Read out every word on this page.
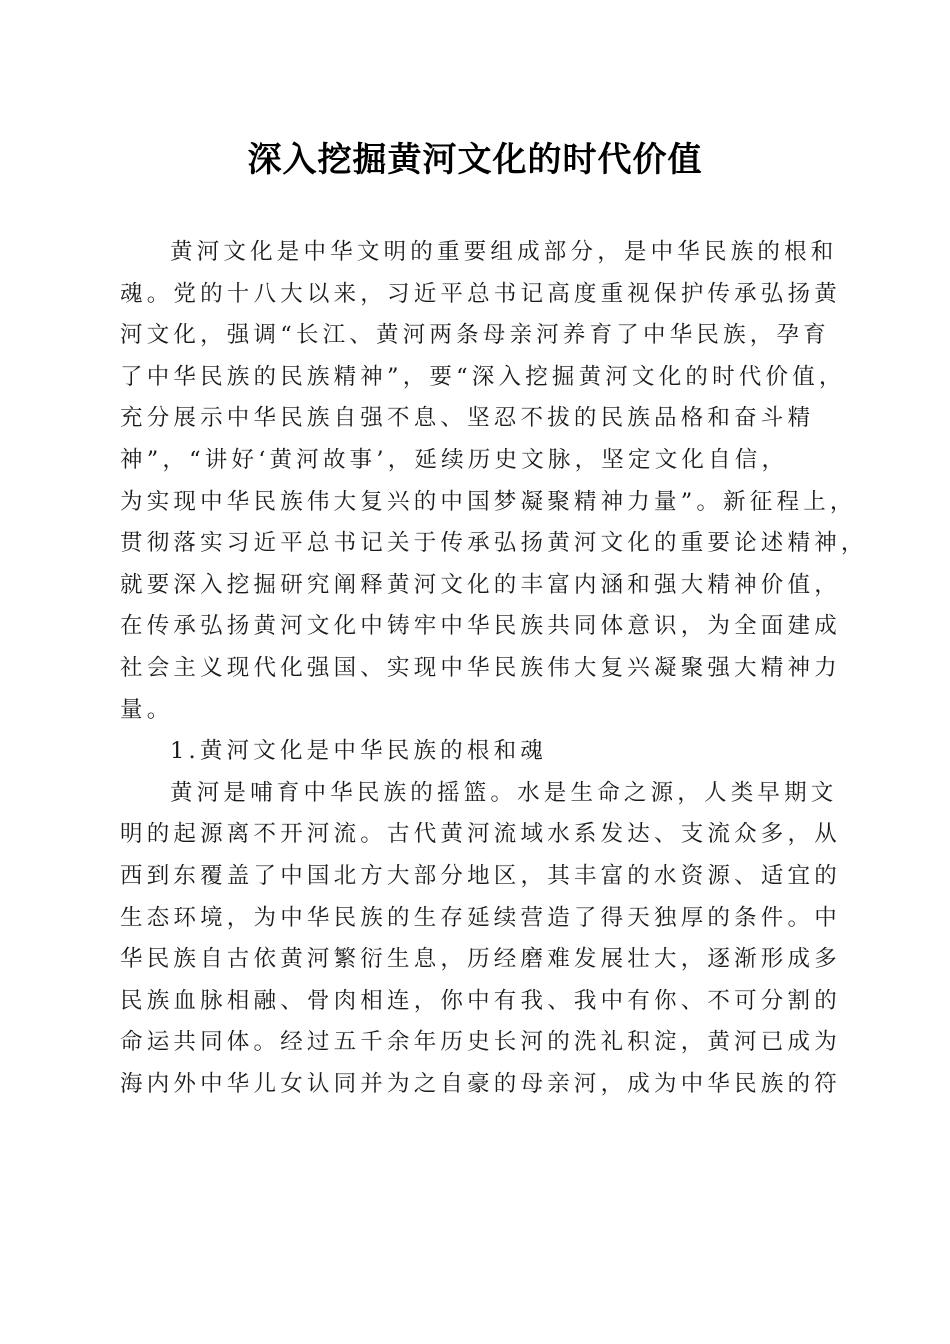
深入挖掘黄河文化的时代价值
黄河文化是中华文明的重要组成部分，是中华民族的根和
魂。党的十八大以来，习近平总书记高度重视保护传承弘扬黄
河文化，强调“长江、黄河两条母亲河养育了中华民族，孕育
了中华民族的民族精神”，要“深入挖掘黄河文化的时代价值，
充分展示中华民族自强不息、坚忍不拔的民族品格和奋斗精
神”，“讲好‘黄河故事’，延续历史文脉，坚定文化自信，
为实现中华民族伟大复兴的中国梦凝聚精神力量”。新征程上，
贯彻落实习近平总书记关于传承弘扬黄河文化的重要论述精神，
就要深入挖掘研究阐释黄河文化的丰富内涵和强大精神价值，
在传承弘扬黄河文化中铸牢中华民族共同体意识，为全面建成
社会主义现代化强国、实现中华民族伟大复兴凝聚强大精神力
量。
1.黄河文化是中华民族的根和魂
黄河是哺育中华民族的摇篮。水是生命之源，人类早期文
明的起源离不开河流。古代黄河流域水系发达、支流众多，从
西到东覆盖了中国北方大部分地区，其丰富的水资源、适宜的
生态环境，为中华民族的生存延续营造了得天独厚的条件。中
华民族自古依黄河繁衍生息，历经磨难发展壮大，逐渐形成多
民族血脉相融、骨肉相连，你中有我、我中有你、不可分割的
命运共同体。经过五千余年历史长河的洗礼积淀，黄河已成为
海内外中华儿女认同并为之自豪的母亲河，成为中华民族的符
